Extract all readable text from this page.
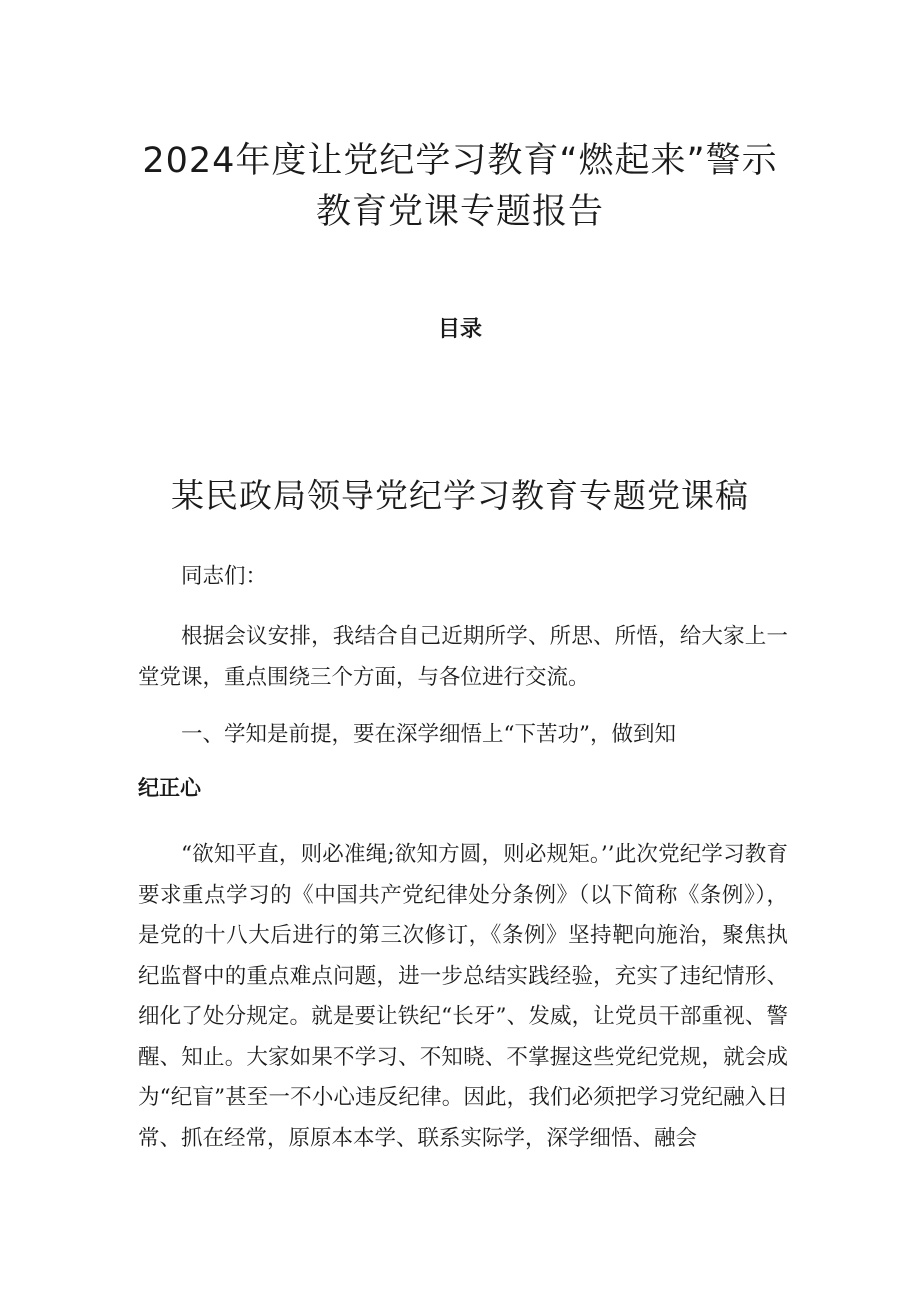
2024年度让党纪学习教育“燃起来”警示
教育党课专题报告
目录
某民政局领导党纪学习教育专题党课稿

同志们：

根据会议安排，我结合自己近期所学、所思、所悟，给大家上一堂党课，重点围绕三个方面，与各位进行交流。

一、学知是前提，要在深学细悟上“下苦功”，做到知

纪正心

“欲知平直，则必准绳;欲知方圆，则必规矩。’’此次党纪学习教育要求重点学习的《中国共产党纪律处分条例》（以下简称《条例》），是党的十八大后进行的第三次修订，《条例》坚持靶向施治，聚焦执纪监督中的重点难点问题，进一步总结实践经验，充实了违纪情形、细化了处分规定。就是要让铁纪“长牙”、发威，让党员干部重视、警醒、知止。大家如果不学习、不知晓、不掌握这些党纪党规，就会成为“纪盲”甚至一不小心违反纪律。因此，我们必须把学习党纪融入日常、抓在经常，原原本本学、联系实际学，深学细悟、融会
